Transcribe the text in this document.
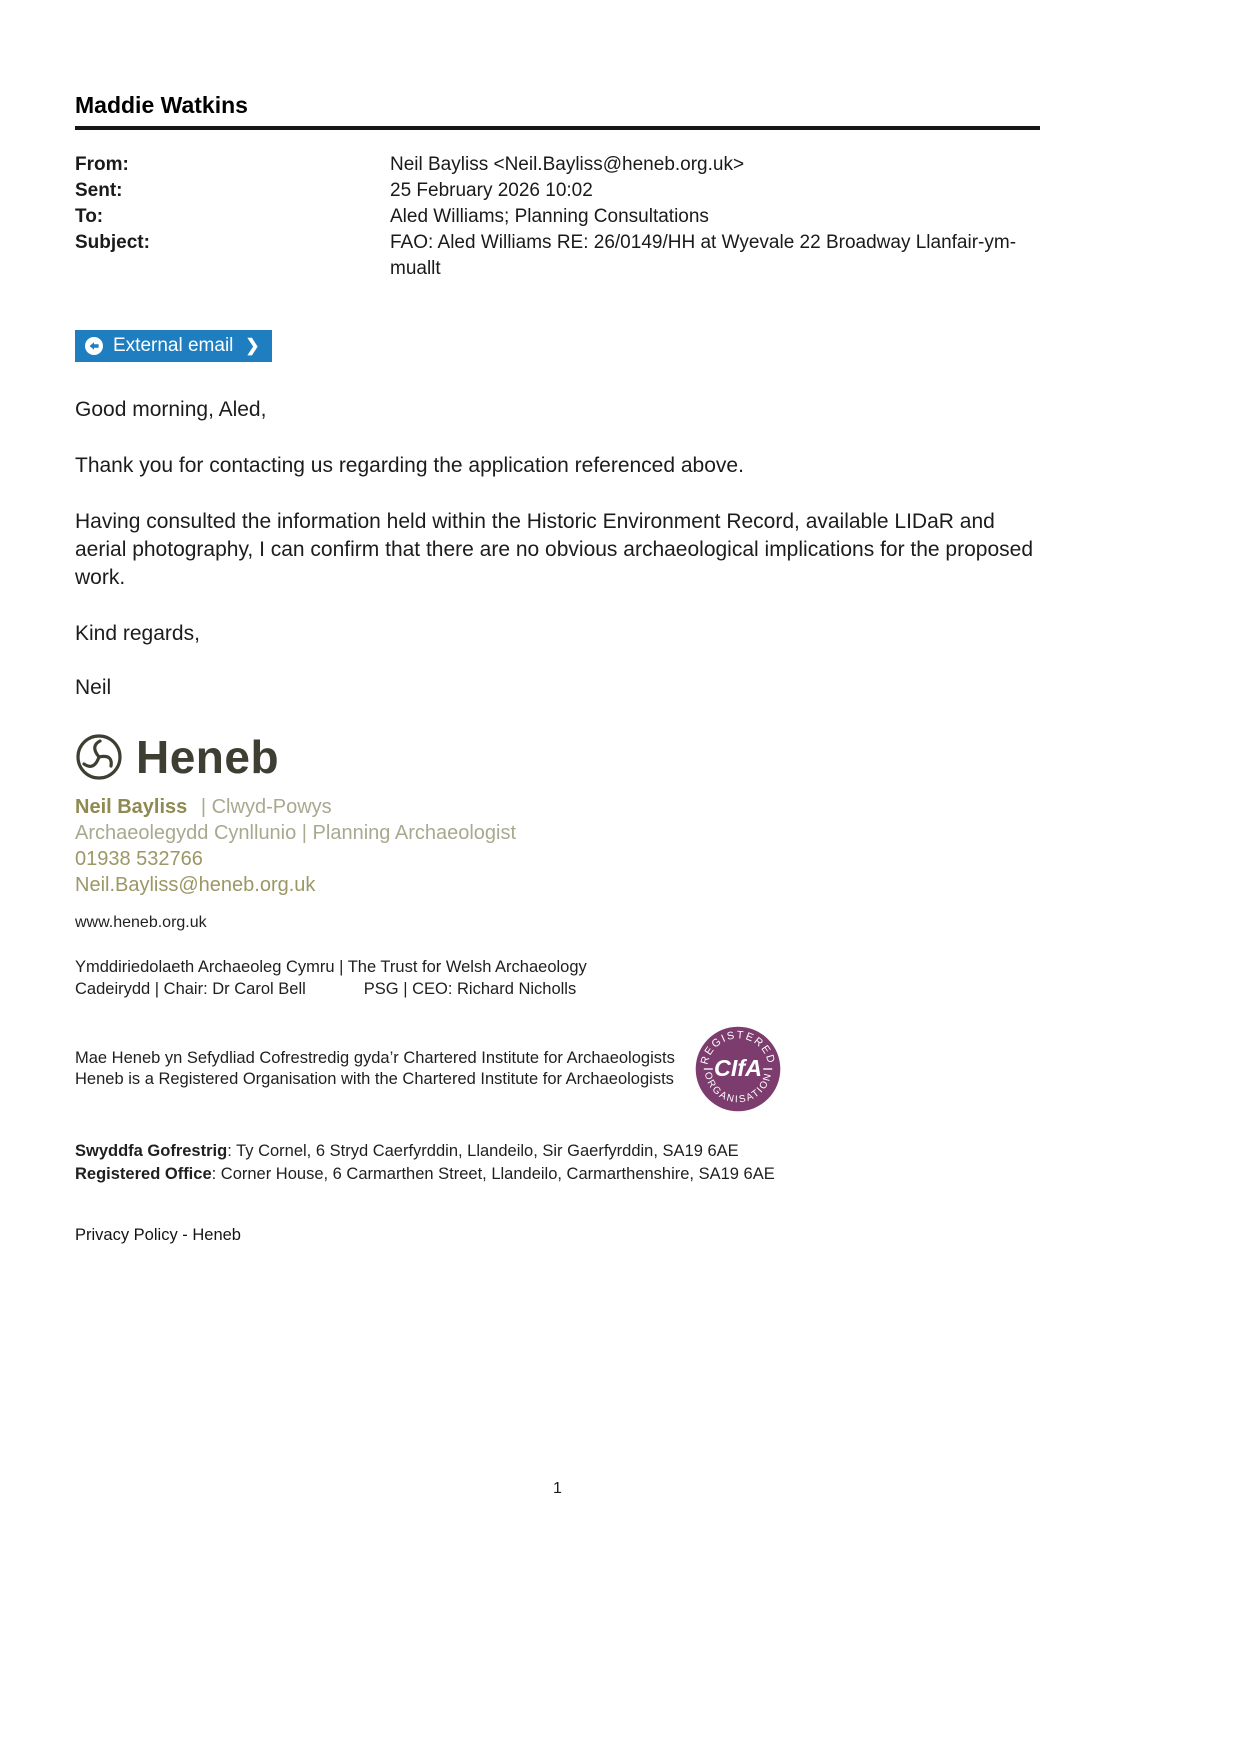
Maddie Watkins
From:	Neil Bayliss <Neil.Bayliss@heneb.org.uk>
Sent:	25 February 2026 10:02
To:	Aled Williams; Planning Consultations
Subject:	FAO: Aled Williams RE: 26/0149/HH at Wyevale 22 Broadway Llanfair-ym-muallt
External email ❯

Good morning, Aled,

Thank you for contacting us regarding the application referenced above.

Having consulted the information held within the Historic Environment Record, available LIDaR and aerial photography, I can confirm that there are no obvious archaeological implications for the proposed work.

Kind regards,

Neil

Heneb
Neil Bayliss | Clwyd-Powys
Archaeolegydd Cynllunio | Planning Archaeologist
01938 532766
Neil.Bayliss@heneb.org.uk
www.heneb.org.uk
Ymddiriedolaeth Archaeoleg Cymru | The Trust for Welsh Archaeology
Cadeirydd | Chair: Dr Carol Bell	PSG | CEO: Richard Nicholls

Mae Heneb yn Sefydliad Cofrestredig gyda’r Chartered Institute for Archaeologists

Heneb is a Registered Organisation with the Chartered Institute for Archaeologists

REGISTERED
ORGANISATION
CIfA

Swyddfa Gofrestrig: Ty Cornel, 6 Stryd Caerfyrddin, Llandeilo, Sir Gaerfyrddin, SA19 6AE

Registered Office: Corner House, 6 Carmarthen Street, Llandeilo, Carmarthenshire, SA19 6AE

Privacy Policy - Heneb
1
